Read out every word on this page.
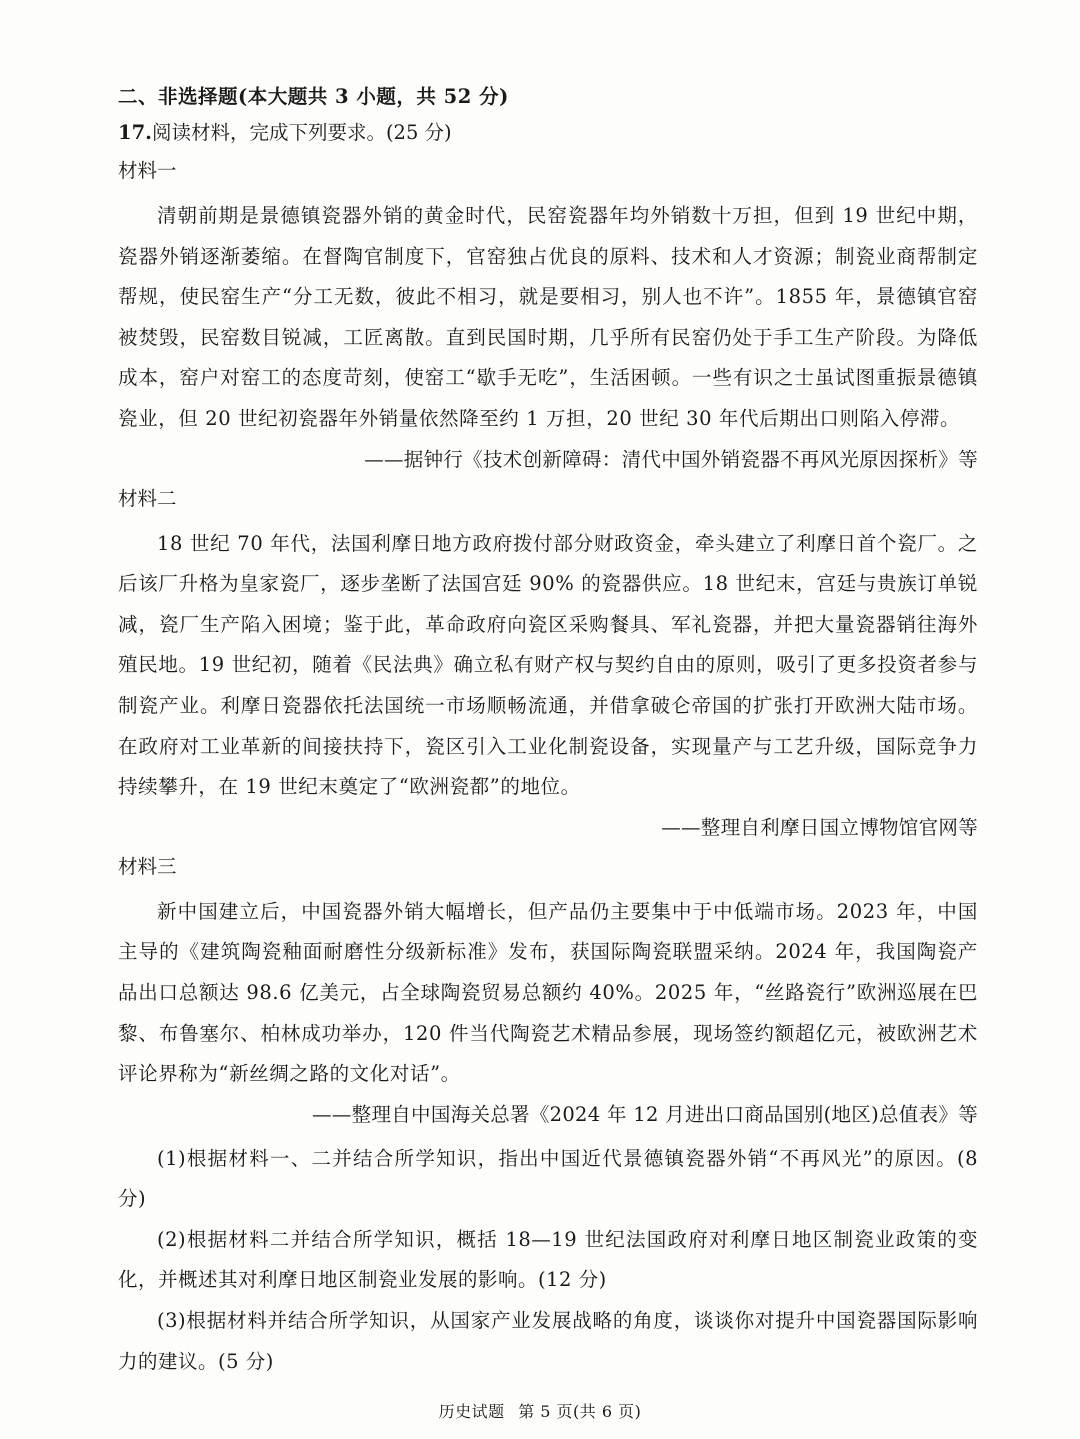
二、非选择题(本大题共 3 小题，共 52 分)
17.阅读材料，完成下列要求。(25 分)
材料一
清朝前期是景德镇瓷器外销的黄金时代，民窑瓷器年均外销数十万担，但到 19 世纪中期，瓷器外销逐渐萎缩。在督陶官制度下，官窑独占优良的原料、技术和人才资源；制瓷业商帮制定帮规，使民窑生产“分工无数，彼此不相习，就是要相习，别人也不许”。1855 年，景德镇官窑被焚毁，民窑数目锐减，工匠离散。直到民国时期，几乎所有民窑仍处于手工生产阶段。为降低成本，窑户对窑工的态度苛刻，使窑工“歇手无吃”，生活困顿。一些有识之士虽试图重振景德镇瓷业，但 20 世纪初瓷器年外销量依然降至约 1 万担，20 世纪 30 年代后期出口则陷入停滞。
——据钟行《技术创新障碍：清代中国外销瓷器不再风光原因探析》等
材料二
18 世纪 70 年代，法国利摩日地方政府拨付部分财政资金，牵头建立了利摩日首个瓷厂。之后该厂升格为皇家瓷厂，逐步垄断了法国宫廷 90% 的瓷器供应。18 世纪末，宫廷与贵族订单锐减，瓷厂生产陷入困境；鉴于此，革命政府向瓷区采购餐具、军礼瓷器，并把大量瓷器销往海外殖民地。19 世纪初，随着《民法典》确立私有财产权与契约自由的原则，吸引了更多投资者参与制瓷产业。利摩日瓷器依托法国统一市场顺畅流通，并借拿破仑帝国的扩张打开欧洲大陆市场。在政府对工业革新的间接扶持下，瓷区引入工业化制瓷设备，实现量产与工艺升级，国际竞争力持续攀升，在 19 世纪末奠定了“欧洲瓷都”的地位。
——整理自利摩日国立博物馆官网等
材料三
新中国建立后，中国瓷器外销大幅增长，但产品仍主要集中于中低端市场。2023 年，中国主导的《建筑陶瓷釉面耐磨性分级新标准》发布，获国际陶瓷联盟采纳。2024 年，我国陶瓷产品出口总额达 98.6 亿美元，占全球陶瓷贸易总额约 40%。2025 年，“丝路瓷行”欧洲巡展在巴黎、布鲁塞尔、柏林成功举办，120 件当代陶瓷艺术精品参展，现场签约额超亿元，被欧洲艺术评论界称为“新丝绸之路的文化对话”。
——整理自中国海关总署《2024 年 12 月进出口商品国别(地区)总值表》等
(1)根据材料一、二并结合所学知识，指出中国近代景德镇瓷器外销“不再风光”的原因。(8 分)
(2)根据材料二并结合所学知识，概括 18—19 世纪法国政府对利摩日地区制瓷业政策的变化，并概述其对利摩日地区制瓷业发展的影响。(12 分)
(3)根据材料并结合所学知识，从国家产业发展战略的角度，谈谈你对提升中国瓷器国际影响力的建议。(5 分)
历史试题 第 5 页(共 6 页)
